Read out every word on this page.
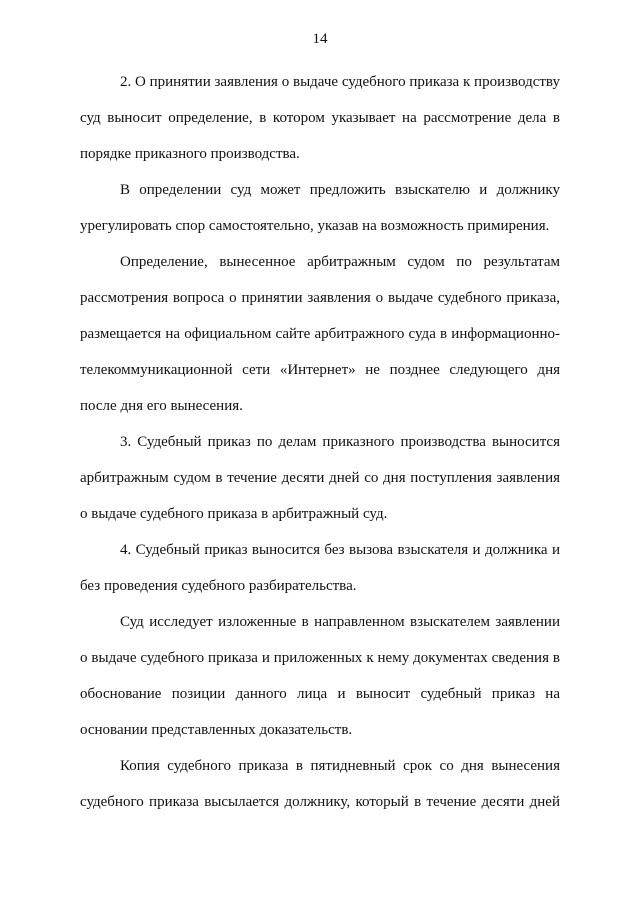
14
2. О принятии заявления о выдаче судебного приказа к производству
суд выносит определение, в котором указывает на рассмотрение дела в
порядке приказного производства.
В определении суд может предложить взыскателю и должнику
урегулировать спор самостоятельно, указав на возможность примирения.
Определение, вынесенное арбитражным судом по результатам
рассмотрения вопроса о принятии заявления о выдаче судебного приказа,
размещается на официальном сайте арбитражного суда в информационно-
телекоммуникационной сети «Интернет» не позднее следующего дня
после дня его вынесения.
3. Судебный приказ по делам приказного производства выносится
арбитражным судом в течение десяти дней со дня поступления заявления
о выдаче судебного приказа в арбитражный суд.
4. Судебный приказ выносится без вызова взыскателя и должника и
без проведения судебного разбирательства.
Суд исследует изложенные в направленном взыскателем заявлении
о выдаче судебного приказа и приложенных к нему документах сведения в
обоснование позиции данного лица и выносит судебный приказ на
основании представленных доказательств.
Копия судебного приказа в пятидневный срок со дня вынесения
судебного приказа высылается должнику, который в течение десяти дней
